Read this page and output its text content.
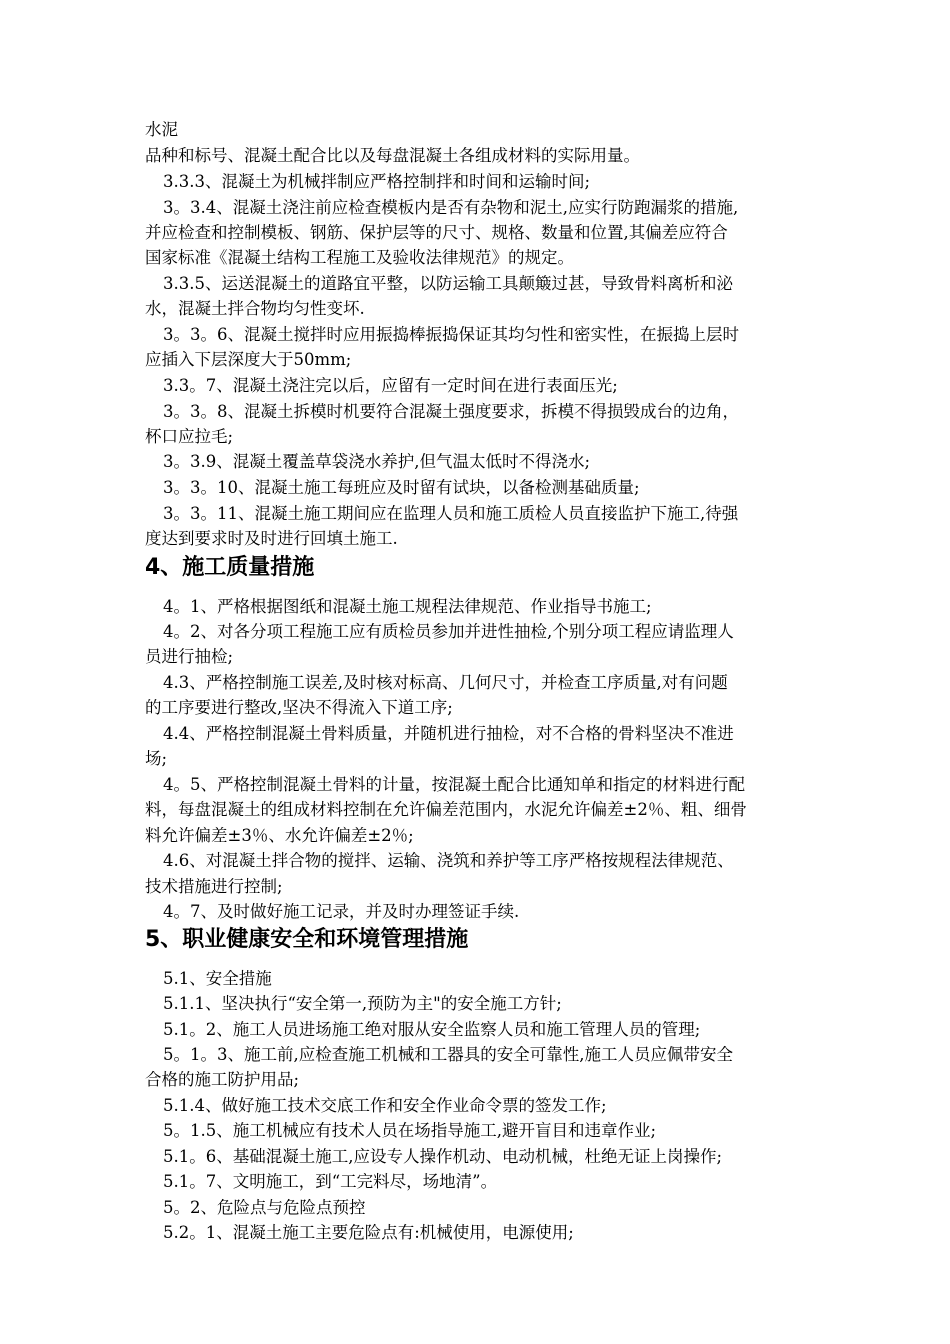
水泥
品种和标号、混凝土配合比以及每盘混凝土各组成材料的实际用量。
3.3.3、混凝土为机械拌制应严格控制拌和时间和运输时间;
3。3.4、混凝土浇注前应检查模板内是否有杂物和泥土,应实行防跑漏浆的措施,
并应检查和控制模板、钢筋、保护层等的尺寸、规格、数量和位置,其偏差应符合
国家标准《混凝土结构工程施工及验收法律规范》的规定。
3.3.5、运送混凝土的道路宜平整，以防运输工具颠簸过甚，导致骨料离析和泌
水，混凝土拌合物均匀性变坏.
3。3。6、混凝土搅拌时应用振捣棒振捣保证其均匀性和密实性，在振捣上层时
应插入下层深度大于50mm;
3.3。7、混凝土浇注完以后，应留有一定时间在进行表面压光;
3。3。8、混凝土拆模时机要符合混凝土强度要求，拆模不得损毁成台的边角，
杯口应拉毛;
3。3.9、混凝土覆盖草袋浇水养护,但气温太低时不得浇水;
3。3。10、混凝土施工每班应及时留有试块，以备检测基础质量;
3。3。11、混凝土施工期间应在监理人员和施工质检人员直接监护下施工,待强
度达到要求时及时进行回填土施工.
4、施工质量措施
4。1、严格根据图纸和混凝土施工规程法律规范、作业指导书施工;
4。2、对各分项工程施工应有质检员参加并进性抽检,个别分项工程应请监理人
员进行抽检;
4.3、严格控制施工误差,及时核对标高、几何尺寸，并检查工序质量,对有问题
的工序要进行整改,坚决不得流入下道工序;
4.4、严格控制混凝土骨料质量，并随机进行抽检，对不合格的骨料坚决不准进
场;
4。5、严格控制混凝土骨料的计量，按混凝土配合比通知单和指定的材料进行配
料，每盘混凝土的组成材料控制在允许偏差范围内，水泥允许偏差±2％、粗、细骨
料允许偏差±3％、水允许偏差±2％;
4.6、对混凝土拌合物的搅拌、运输、浇筑和养护等工序严格按规程法律规范、
技术措施进行控制;
4。7、及时做好施工记录，并及时办理签证手续.
5、职业健康安全和环境管理措施
5.1、安全措施
5.1.1、坚决执行“安全第一,预防为主"的安全施工方针;
5.1。2、施工人员进场施工绝对服从安全监察人员和施工管理人员的管理;
5。1。3、施工前,应检查施工机械和工器具的安全可靠性,施工人员应佩带安全
合格的施工防护用品;
5.1.4、做好施工技术交底工作和安全作业命令票的签发工作;
5。1.5、施工机械应有技术人员在场指导施工,避开盲目和违章作业;
5.1。6、基础混凝土施工,应设专人操作机动、电动机械，杜绝无证上岗操作;
5.1。7、文明施工，到“工完料尽，场地清”。
5。2、危险点与危险点预控
5.2。1、混凝土施工主要危险点有:机械使用，电源使用;
